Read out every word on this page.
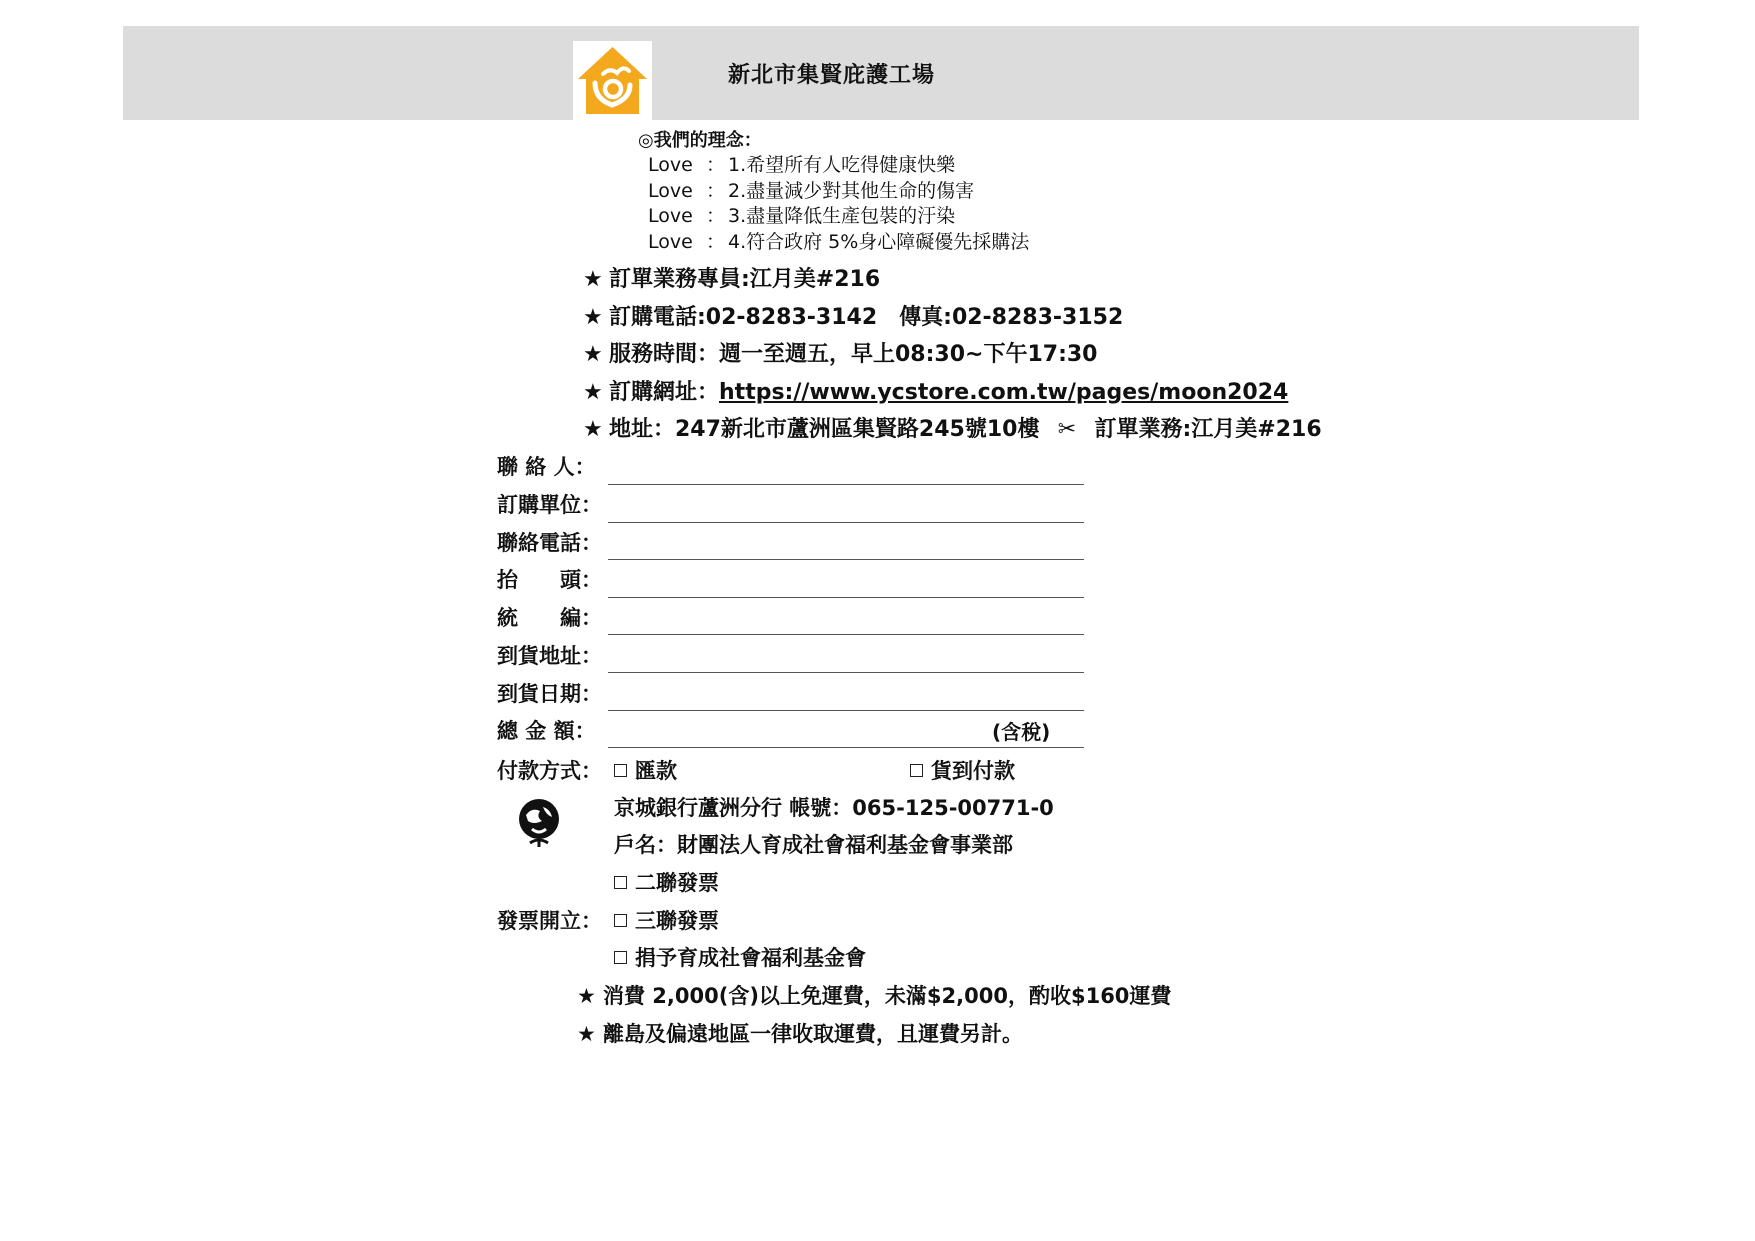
新北市集賢庇護工場
◎我們的理念：
Love ： 1.希望所有人吃得健康快樂
Love ： 2.盡量減少對其他生命的傷害
Love ： 3.盡量降低生產包裝的汙染
Love ： 4.符合政府 5%身心障礙優先採購法
★ 訂單業務專員:江月美#216
★ 訂購電話:02-8283-3142 傳真:02-8283-3152
★ 服務時間：週一至週五，早上08:30~下午17:30
★ 訂購網址：https://www.ycstore.com.tw/pages/moon2024
★ 地址：247新北市蘆洲區集賢路245號10樓 ✂ 訂單業務:江月美#216
聯 絡 人：
訂購單位：
聯絡電話：
抬　　頭：
統　　編：
到貨地址：
到貨日期：
總 金 額：	(含稅)
付款方式：	匯款	貨到付款
京城銀行蘆洲分行 帳號：065-125-00771-0
戶名：財團法人育成社會福利基金會事業部
二聯發票
發票開立：	三聯發票
捐予育成社會福利基金會
★ 消費 2,000(含)以上免運費，未滿$2,000，酌收$160運費
★ 離島及偏遠地區一律收取運費，且運費另計。
